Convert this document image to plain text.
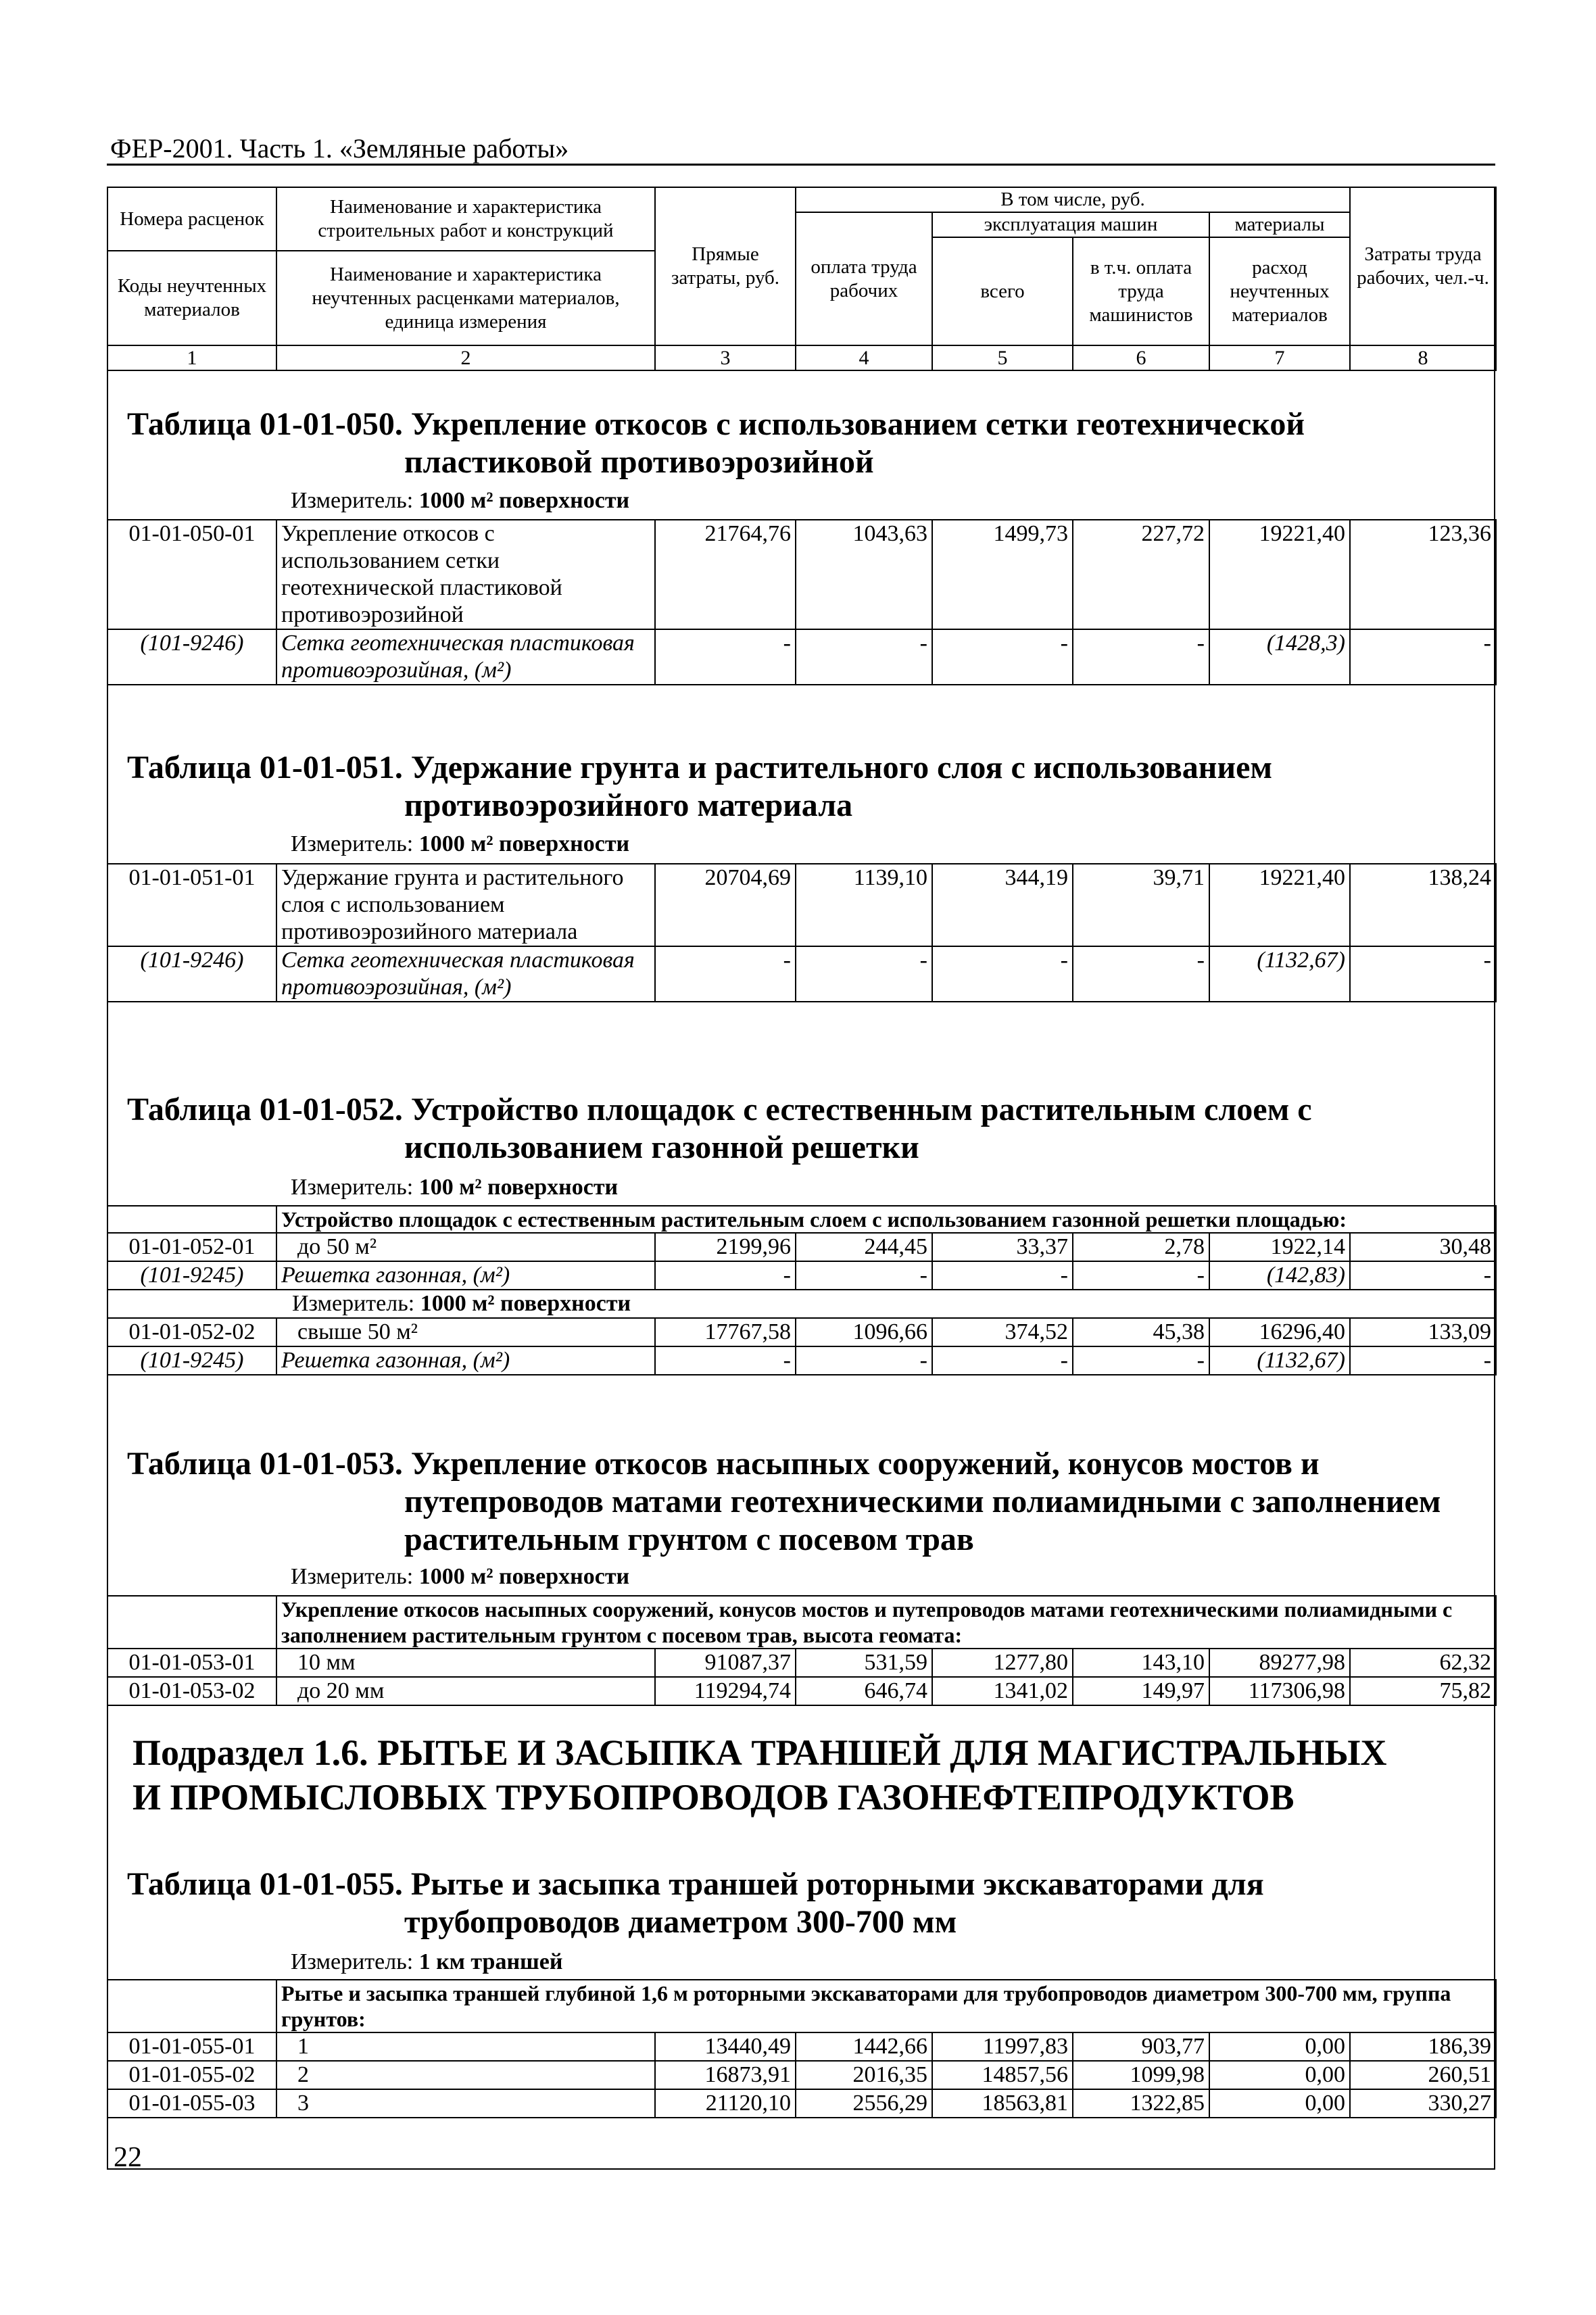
ФЕР-2001. Часть 1. «Земляные работы»
Номера расценок	Наименование и характеристика строительных работ и конструкций	Прямые затраты, руб.	В том числе, руб.				Затраты труда рабочих, чел.-ч.
			оплата труда рабочих	эксплуатация машин		материалы	
				всего	в т.ч. оплата труда машинистов	расход неучтенных материалов	
Коды неучтенных материалов	Наименование и характеристика неучтенных расценками материалов, единица измерения						

1	2	3	4	5	6	7	8
Таблица 01-01-050. Укрепление откосов с использованием сетки геотехнической
пластиковой противоэрозийной
Измеритель: 1000 м² поверхности
01-01-050-01	Укрепление откосов с использованием сетки геотехнической пластиковой противоэрозийной	21764,76	1043,63	1499,73	227,72	19221,40	123,36
(101-9246)	Сетка геотехническая пластиковая противоэрозийная, (м²)	-	-	-	-	(1428,3)	-
Таблица 01-01-051. Удержание грунта и растительного слоя с использованием
противоэрозийного материала
Измеритель: 1000 м² поверхности
01-01-051-01	Удержание грунта и растительного слоя с использованием противоэрозийного материала	20704,69	1139,10	344,19	39,71	19221,40	138,24
(101-9246)	Сетка геотехническая пластиковая противоэрозийная, (м²)	-	-	-	-	(1132,67)	-
Таблица 01-01-052. Устройство площадок с естественным растительным слоем с
использованием газонной решетки
Измеритель: 100 м² поверхности
	Устройство площадок с естественным растительным слоем с использованием газонной решетки площадью:						
01-01-052-01	до 50 м²	2199,96	244,45	33,37	2,78	1922,14	30,48
(101-9245)	Решетка газонная, (м²)	-	-	-	-	(142,83)	-
Измеритель: 1000 м² поверхности							
01-01-052-02	свыше 50 м²	17767,58	1096,66	374,52	45,38	16296,40	133,09
(101-9245)	Решетка газонная, (м²)	-	-	-	-	(1132,67)	-
Таблица 01-01-053. Укрепление откосов насыпных сооружений, конусов мостов и
путепроводов матами геотехническими полиамидными с заполнением
растительным грунтом с посевом трав
Измеритель: 1000 м² поверхности
	Укрепление откосов насыпных сооружений, конусов мостов и путепроводов матами геотехническими полиамидными с заполнением растительным грунтом с посевом трав, высота геомата:						
01-01-053-01	10 мм	91087,37	531,59	1277,80	143,10	89277,98	62,32
01-01-053-02	до 20 мм	119294,74	646,74	1341,02	149,97	117306,98	75,82
Подраздел 1.6. РЫТЬЕ И ЗАСЫПКА ТРАНШЕЙ ДЛЯ МАГИСТРАЛЬНЫХ
И ПРОМЫСЛОВЫХ ТРУБОПРОВОДОВ ГАЗОНЕФТЕПРОДУКТОВ
Таблица 01-01-055. Рытье и засыпка траншей роторными экскаваторами для
трубопроводов диаметром 300-700 мм
Измеритель: 1 км траншей
	Рытье и засыпка траншей глубиной 1,6 м роторными экскаваторами для трубопроводов диаметром 300-700 мм, группа грунтов:						
01-01-055-01	1	13440,49	1442,66	11997,83	903,77	0,00	186,39
01-01-055-02	2	16873,91	2016,35	14857,56	1099,98	0,00	260,51
01-01-055-03	3	21120,10	2556,29	18563,81	1322,85	0,00	330,27
22
